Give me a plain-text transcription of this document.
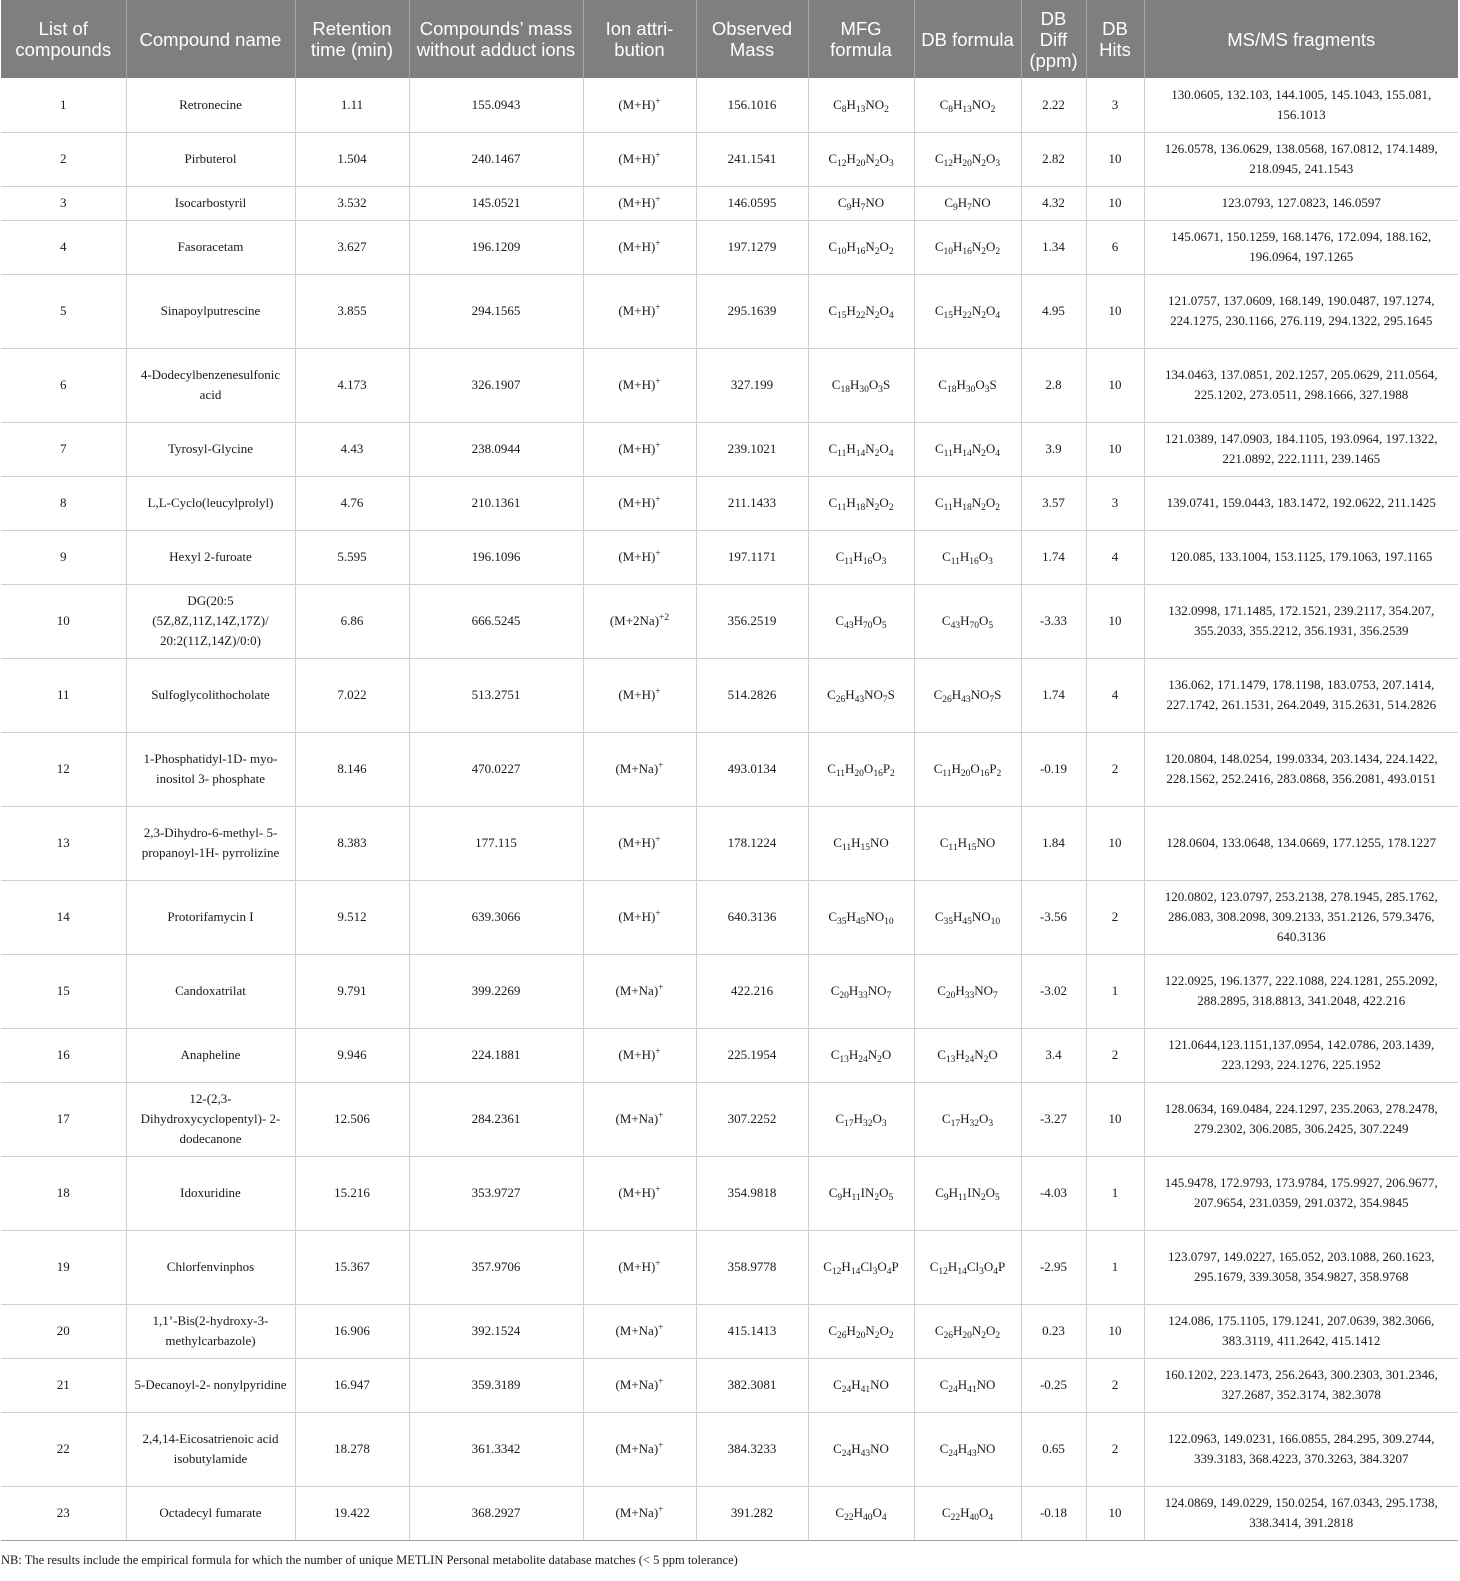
List of compounds	Compound name	Retention time (min)	Compounds’ mass without adduct ions	Ion attri- bution	Observed Mass	MFG formula	DB formula	DB Diff (ppm)	DB Hits	MS/MS fragments
1	Retronecine	1.11	155.0943	(M+H)+	156.1016	$C_8H_{13}NO_2$	$C_8H_{13}NO_2$	2.22	3	130.0605, 132.103, 144.1005, 145.1043, 155.081, 156.1013
2	Pirbuterol	1.504	240.1467	(M+H)+	241.1541	$C_{12}H_{20}N_2O_3$	$C_{12}H_{20}N_2O_3$	2.82	10	126.0578, 136.0629, 138.0568, 167.0812, 174.1489, 218.0945, 241.1543
3	Isocarbostyril	3.532	145.0521	(M+H)+	146.0595	$C_9H_7NO$	$C_9H_7NO$	4.32	10	123.0793, 127.0823, 146.0597
4	Fasoracetam	3.627	196.1209	(M+H)+	197.1279	$C_{10}H_{16}N_2O_2$	$C_{10}H_{16}N_2O_2$	1.34	6	145.0671, 150.1259, 168.1476, 172.094, 188.162, 196.0964, 197.1265
5	Sinapoylputrescine	3.855	294.1565	(M+H)+	295.1639	$C_{15}H_{22}N_2O_4$	$C_{15}H_{22}N_2O_4$	4.95	10	121.0757, 137.0609, 168.149, 190.0487, 197.1274, 224.1275, 230.1166, 276.119, 294.1322, 295.1645
6	4-Dodecylbenzenesulfonic acid	4.173	326.1907	(M+H)+	327.199	$C_{18}H_{30}O_3S$	$C_{18}H_{30}O_3S$	2.8	10	134.0463, 137.0851, 202.1257, 205.0629, 211.0564, 225.1202, 273.0511, 298.1666, 327.1988
7	Tyrosyl-Glycine	4.43	238.0944	(M+H)+	239.1021	$C_{11}H_{14}N_2O_4$	$C_{11}H_{14}N_2O_4$	3.9	10	121.0389, 147.0903, 184.1105, 193.0964, 197.1322, 221.0892, 222.1111, 239.1465
8	L,L-Cyclo(leucylprolyl)	4.76	210.1361	(M+H)+	211.1433	$C_{11}H_{18}N_2O_2$	$C_{11}H_{18}N_2O_2$	3.57	3	139.0741, 159.0443, 183.1472, 192.0622, 211.1425
9	Hexyl 2-furoate	5.595	196.1096	(M+H)+	197.1171	$C_{11}H_{16}O_3$	$C_{11}H_{16}O_3$	1.74	4	120.085, 133.1004, 153.1125, 179.1063, 197.1165
10	DG(20:5 (5Z,8Z,11Z,14Z,17Z)/ 20:2(11Z,14Z)/0:0)	6.86	666.5245	$(M+2Na)^{+2}$	356.2519	$C_{43}H_{70}O_5$	$C_{43}H_{70}O_5$	-3.33	10	132.0998, 171.1485, 172.1521, 239.2117, 354.207, 355.2033, 355.2212, 356.1931, 356.2539
11	Sulfoglycolithocholate	7.022	513.2751	(M+H)+	514.2826	$C_{26}H_{43}NO_7S$	$C_{26}H_{43}NO_7S$	1.74	4	136.062, 171.1479, 178.1198, 183.0753, 207.1414, 227.1742, 261.1531, 264.2049, 315.2631, 514.2826
12	1-Phosphatidyl-1D- myo- inositol 3- phosphate	8.146	470.0227	(M+Na)+	493.0134	$C_{11}H_{20}O_{16}P_2$	$C_{11}H_{20}O_{16}P_2$	-0.19	2	120.0804, 148.0254, 199.0334, 203.1434, 224.1422, 228.1562, 252.2416, 283.0868, 356.2081, 493.0151
13	2,3-Dihydro-6-methyl- 5- propanoyl-1H- pyrrolizine	8.383	177.115	(M+H)+	178.1224	$C_{11}H_{15}NO$	$C_{11}H_{15}NO$	1.84	10	128.0604, 133.0648, 134.0669, 177.1255, 178.1227
14	Protorifamycin I	9.512	639.3066	(M+H)+	640.3136	$C_{35}H_{45}NO_{10}$	$C_{35}H_{45}NO_{10}$	-3.56	2	120.0802, 123.0797, 253.2138, 278.1945, 285.1762, 286.083, 308.2098, 309.2133, 351.2126, 579.3476, 640.3136
15	Candoxatrilat	9.791	399.2269	(M+Na)+	422.216	$C_{20}H_{33}NO_7$	$C_{20}H_{33}NO_7$	-3.02	1	122.0925, 196.1377, 222.1088, 224.1281, 255.2092, 288.2895, 318.8813, 341.2048, 422.216
16	Anapheline	9.946	224.1881	(M+H)+	225.1954	$C_{13}H_{24}N_2O$	$C_{13}H_{24}N_2O$	3.4	2	121.0644,123.1151,137.0954, 142.0786, 203.1439, 223.1293, 224.1276, 225.1952
17	12-(2,3- Dihydroxycyclopentyl)- 2-dodecanone	12.506	284.2361	(M+Na)+	307.2252	$C_{17}H_{32}O_3$	$C_{17}H_{32}O_3$	-3.27	10	128.0634, 169.0484, 224.1297, 235.2063, 278.2478, 279.2302, 306.2085, 306.2425, 307.2249
18	Idoxuridine	15.216	353.9727	(M+H)+	354.9818	$C_9H_{11}IN_2O_5$	$C_9H_{11}IN_2O_5$	-4.03	1	145.9478, 172.9793, 173.9784, 175.9927, 206.9677, 207.9654, 231.0359, 291.0372, 354.9845
19	Chlorfenvinphos	15.367	357.9706	(M+H)+	358.9778	$C_{12}H_{14}Cl_3O_4P$	$C_{12}H_{14}Cl_3O_4P$	-2.95	1	123.0797, 149.0227, 165.052, 203.1088, 260.1623, 295.1679, 339.3058, 354.9827, 358.9768
20	1,1’-Bis(2-hydroxy-3- methylcarbazole)	16.906	392.1524	(M+Na)+	415.1413	$C_{26}H_{20}N_2O_2$	$C_{26}H_{20}N_2O_2$	0.23	10	124.086, 175.1105, 179.1241, 207.0639, 382.3066, 383.3119, 411.2642, 415.1412
21	5-Decanoyl-2- nonylpyridine	16.947	359.3189	(M+Na)+	382.3081	$C_{24}H_{41}NO$	$C_{24}H_{41}NO$	-0.25	2	160.1202, 223.1473, 256.2643, 300.2303, 301.2346, 327.2687, 352.3174, 382.3078
22	2,4,14-Eicosatrienoic acid isobutylamide	18.278	361.3342	(M+Na)+	384.3233	$C_{24}H_{43}NO$	$C_{24}H_{43}NO$	0.65	2	122.0963, 149.0231, 166.0855, 284.295, 309.2744, 339.3183, 368.4223, 370.3263, 384.3207
23	Octadecyl fumarate	19.422	368.2927	(M+Na)+	391.282	$C_{22}H_{40}O_4$	$C_{22}H_{40}O_4$	-0.18	10	124.0869, 149.0229, 150.0254, 167.0343, 295.1738, 338.3414, 391.2818
NB: The results include the empirical formula for which the number of unique METLIN Personal metabolite database matches (< 5 ppm tolerance)
